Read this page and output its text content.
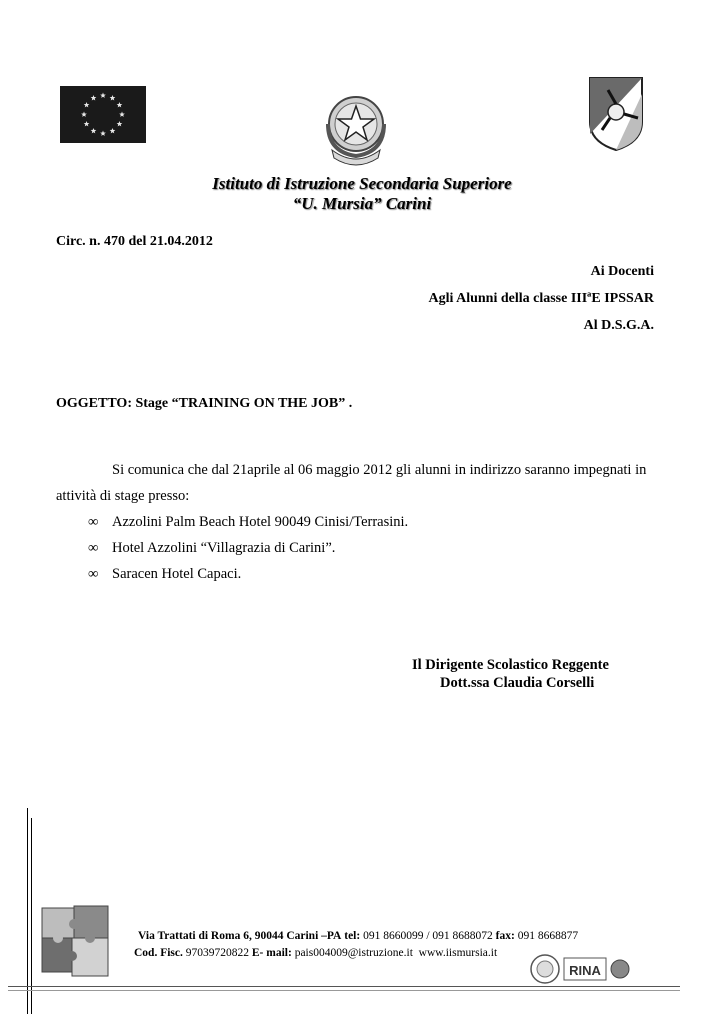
Istituto di Istruzione Secondaria Superiore
“U. Mursia” Carini
Circ. n. 470 del 21.04.2012
Ai Docenti
Agli Alunni della classe IIIªE IPSSAR
Al D.S.G.A.
OGGETTO: Stage “TRAINING ON THE JOB” .
Si comunica che dal 21aprile al 06 maggio 2012 gli alunni in indirizzo saranno impegnati in
attività di stage presso:
∞ Azzolini Palm Beach Hotel 90049 Cinisi/Terrasini.
∞ Hotel Azzolini “Villagrazia di Carini”.
∞ Saracen Hotel Capaci.
Il Dirigente Scolastico Reggente
Dott.ssa Claudia Corselli
Via Trattati di Roma 6, 90044 Carini –PA tel: 091 8660099 / 091 8688072 fax: 091 8668877
Cod. Fisc. 97039720822 E- mail: pais004009@istruzione.it www.iismursia.it
RINA
